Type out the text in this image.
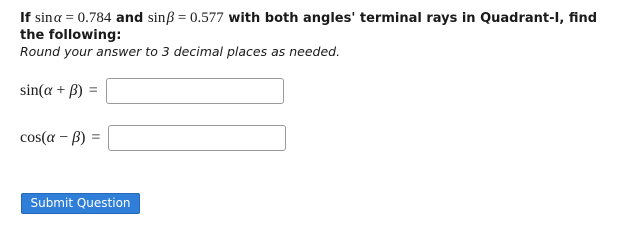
If sin α = 0.784 and sin β = 0.577 with both angles' terminal rays in Quadrant-I, find the following:
Round your answer to 3 decimal places as needed.
sin(α + β) =
cos(α − β) =
Submit Question
